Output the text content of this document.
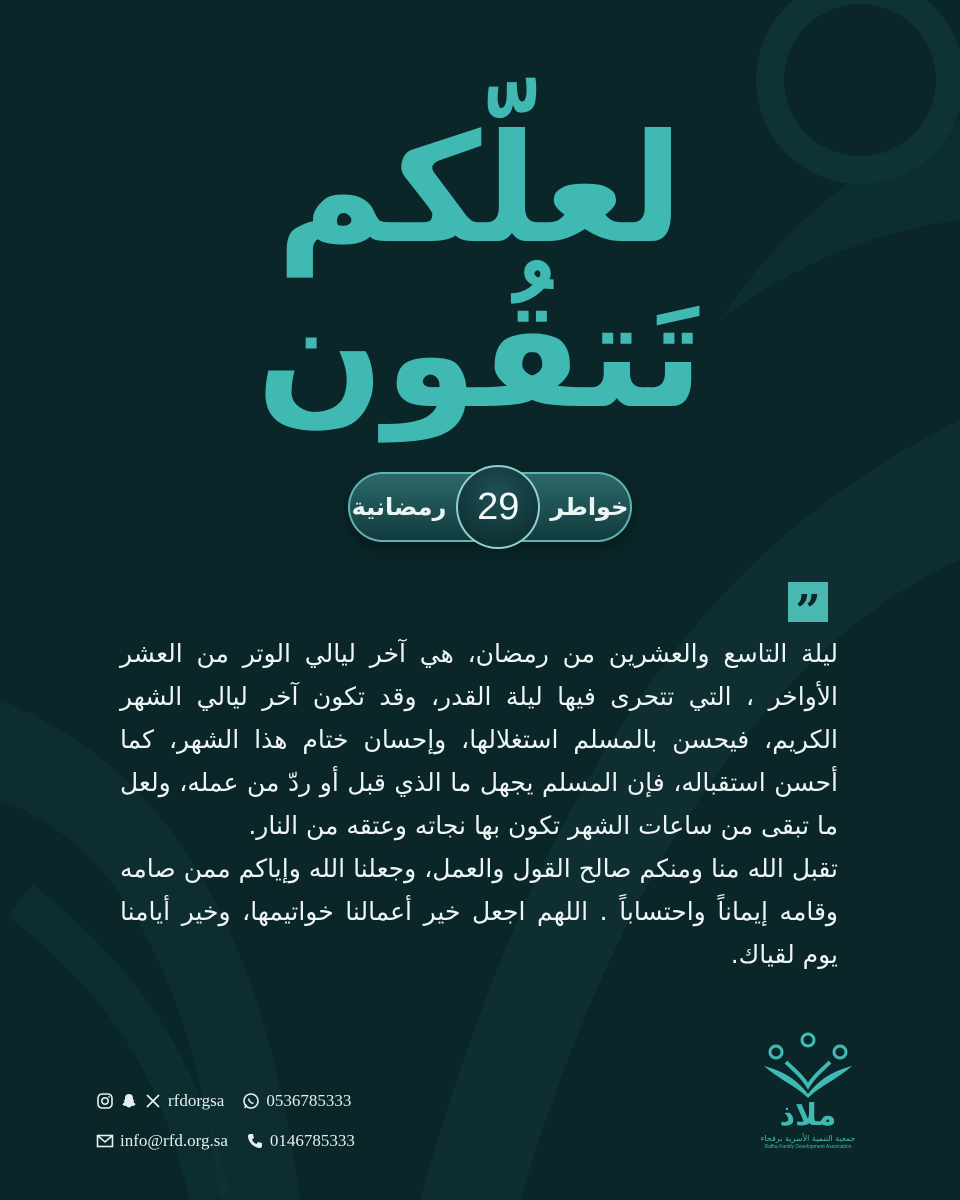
لعلّكم
تَتقُون
خواطر
29
رمضانية
”

ليلة التاسع والعشرين من رمضان، هي آخر ليالي الوتر من العشر الأواخر ، التي تتحرى فيها ليلة القدر، وقد تكون آخر ليالي الشهر الكريم، فيحسن بالمسلم استغلالها، وإحسان ختام هذا الشهر، كما أحسن استقباله، فإن المسلم يجهل ما الذي قبل أو ردّ من عمله، ولعل ما تبقى من ساعات الشهر تكون بها نجاته وعتقه من النار.

تقبل الله منا ومنكم صالح القول والعمل، وجعلنا الله وإياكم ممن صامه وقامه إيماناً واحتساباً . اللهم اجعل خير أعمالنا خواتيمها، وخير أيامنا يوم لقياك.

rfdorgsa 0536785333
info@rfd.org.sa 0146785333
ملاذ
جمعية التنمية الأسرية برفحاء
Rafha Family Development Association
